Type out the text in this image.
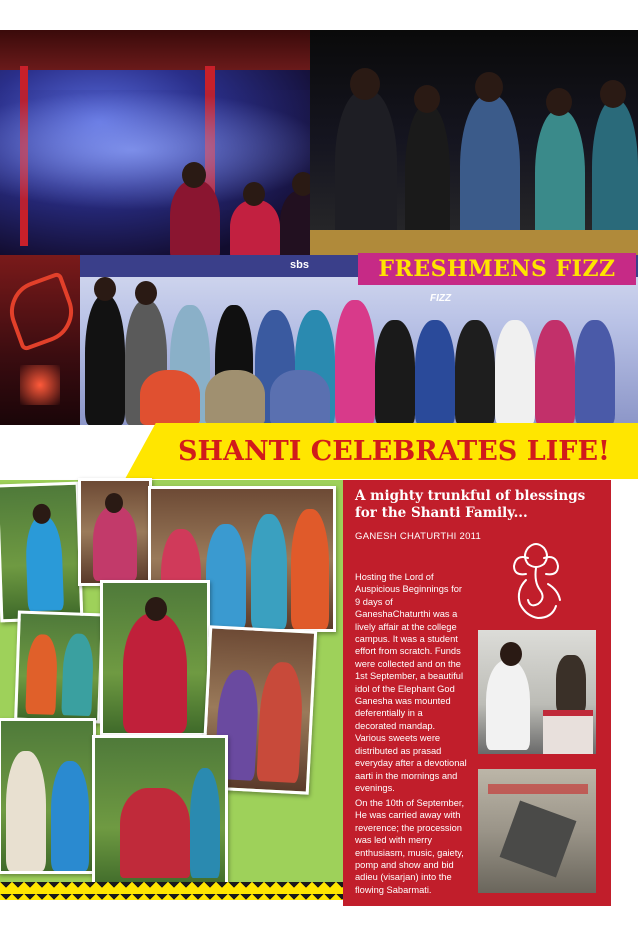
sbs
FIZZ
FRESHMENS FIZZ
SHANTI CELEBRATES LIFE!
A mighty trunkful of blessings
for the Shanti Family...
GANESH CHATURTHI 2011
Hosting the Lord of
Auspicious Beginnings for
9 days of
GaneshaChaturthi was a
lively affair at the college
campus. It was a student
effort from scratch. Funds
were collected and on the
1st September, a beautiful
idol of the Elephant God
Ganesha was mounted
deferentially in a
decorated mandap.
Various sweets were
distributed as prasad
everyday after a devotional
aarti in the mornings and
evenings.
On the 10th of September,
He was carried away with
reverence; the procession
was led with merry
enthusiasm, music, gaiety,
pomp and show and bid
adieu (visarjan) into the
flowing Sabarmati.
